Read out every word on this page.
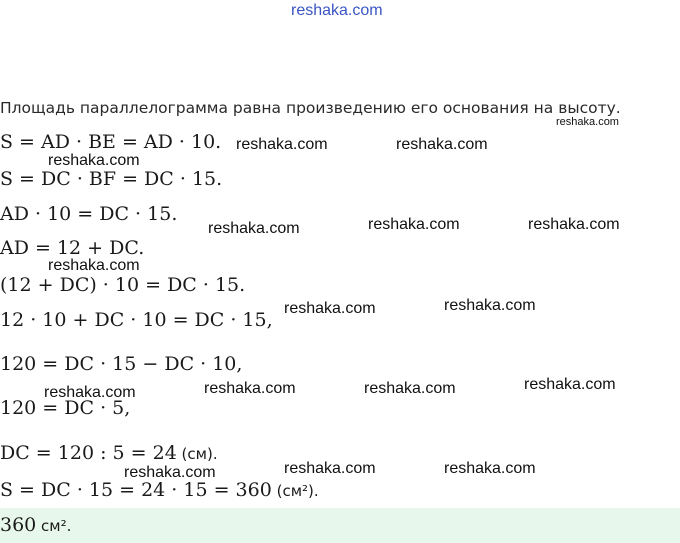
reshaka.com
Площадь параллелограмма равна произведению его основания на высоту.
S = AD · BE = AD · 10.
S = DC · BF = DC · 15.
AD · 10 = DC · 15.
AD = 12 + DC.
(12 + DC) · 10 = DC · 15.
12 · 10 + DC · 10 = DC · 15,
120 = DC · 15 − DC · 10,
120 = DC · 5,
DC = 120 : 5 = 24 (см).
S = DC · 15 = 24 · 15 = 360 (см²).
reshaka.com
reshaka.com	reshaka.com
reshaka.com
reshaka.com	reshaka.com
reshaka.com
reshaka.com
reshaka.com
reshaka.com
reshaka.com
reshaka.com	reshaka.com
reshaka.com
reshaka.com	reshaka.com
reshaka.com
360 см².
